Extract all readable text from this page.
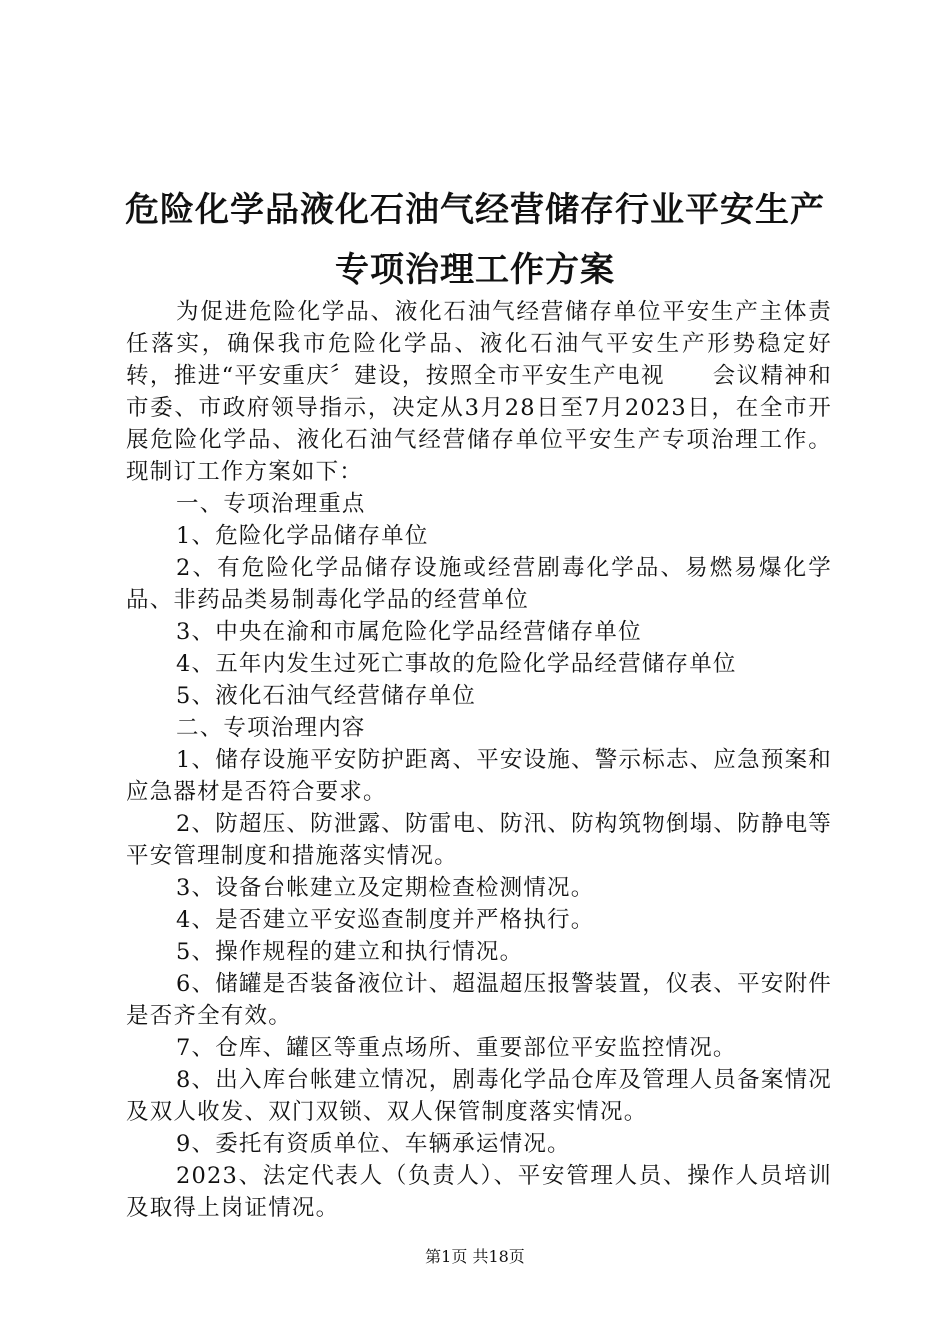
危险化学品液化石油气经营储存行业平安生产
专项治理工作方案

为促进危险化学品、液化石油气经营储存单位平安生产主体责任落实，确保我市危险化学品、液化石油气平安生产形势稳定好转，推进“平安重庆〞建设，按照全市平安生产电视　　会议精神和市委、市政府领导指示，决定从3月28日至7月2023日，在全市开展危险化学品、液化石油气经营储存单位平安生产专项治理工作。现制订工作方案如下：

一、专项治理重点

1、危险化学品储存单位

2、有危险化学品储存设施或经营剧毒化学品、易燃易爆化学品、非药品类易制毒化学品的经营单位

3、中央在渝和市属危险化学品经营储存单位

4、五年内发生过死亡事故的危险化学品经营储存单位

5、液化石油气经营储存单位

二、专项治理内容

1、储存设施平安防护距离、平安设施、警示标志、应急预案和应急器材是否符合要求。

2、防超压、防泄露、防雷电、防汛、防构筑物倒塌、防静电等平安管理制度和措施落实情况。

3、设备台帐建立及定期检查检测情况。

4、是否建立平安巡查制度并严格执行。

5、操作规程的建立和执行情况。

6、储罐是否装备液位计、超温超压报警装置，仪表、平安附件是否齐全有效。

7、仓库、罐区等重点场所、重要部位平安监控情况。

8、出入库台帐建立情况，剧毒化学品仓库及管理人员备案情况及双人收发、双门双锁、双人保管制度落实情况。

9、委托有资质单位、车辆承运情况。

2023、法定代表人（负责人）、平安管理人员、操作人员培训及取得上岗证情况。

第1页 共18页
